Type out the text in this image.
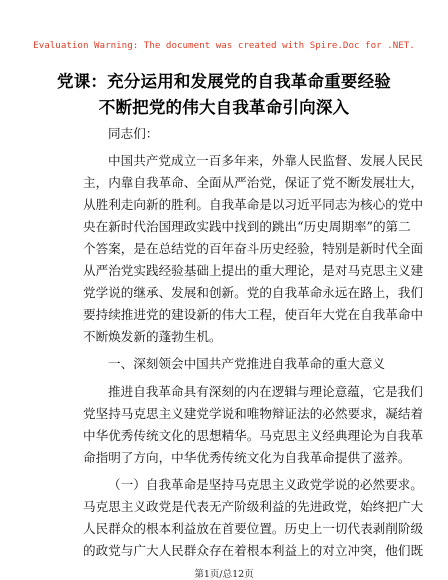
Evaluation Warning: The document was created with Spire.Doc for .NET.
党课：充分运用和发展党的自我革命重要经验
不断把党的伟大自我革命引向深入
同志们：
中国共产党成立一百多年来，外靠人民监督、发展人民民
主，内靠自我革命、全面从严治党，保证了党不断发展壮大，
从胜利走向新的胜利。自我革命是以习近平同志为核心的党中
央在新时代治国理政实践中找到的跳出“历史周期率”的第二
个答案，是在总结党的百年奋斗历史经验，特别是新时代全面
从严治党实践经验基础上提出的重大理论，是对马克思主义建
党学说的继承、发展和创新。党的自我革命永远在路上，我们
要持续推进党的建设新的伟大工程，使百年大党在自我革命中
不断焕发新的蓬勃生机。
一、深刻领会中国共产党推进自我革命的重大意义
推进自我革命具有深刻的内在逻辑与理论意蕴，它是我们
党坚持马克思主义建党学说和唯物辩证法的必然要求，凝结着
中华优秀传统文化的思想精华。马克思主义经典理论为自我革
命指明了方向，中华优秀传统文化为自我革命提供了滋养。
（一）自我革命是坚持马克思主义政党学说的必然要求。
马克思主义政党是代表无产阶级利益的先进政党，始终把广大
人民群众的根本利益放在首要位置。历史上一切代表剥削阶级
的政党与广大人民群众存在着根本利益上的对立冲突，他们既
第1页/总12页
